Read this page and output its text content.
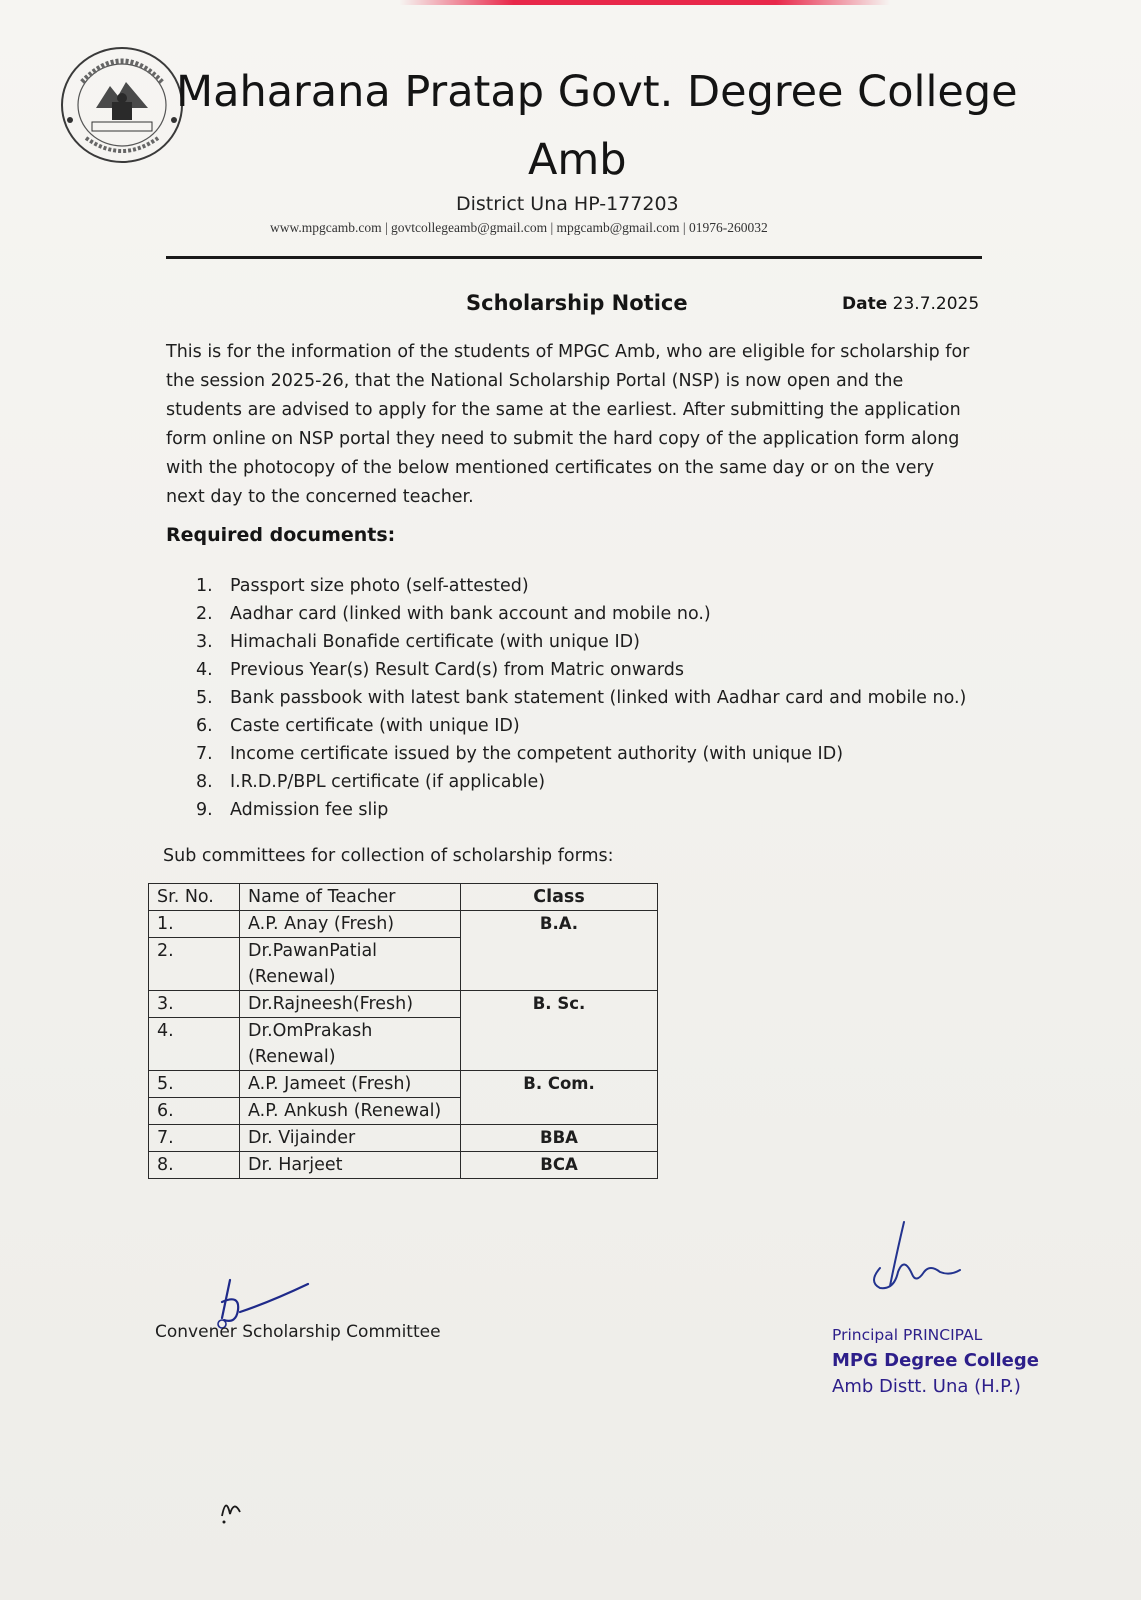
Maharana Pratap Govt. Degree College
Amb
District Una HP-177203
www.mpgcamb.com | govtcollegeamb@gmail.com | mpgcamb@gmail.com | 01976-260032
Scholarship Notice	Date 23.7.2025
This is for the information of the students of MPGC Amb, who are eligible for scholarship for
the session 2025-26, that the National Scholarship Portal (NSP) is now open and the
students are advised to apply for the same at the earliest. After submitting the application
form online on NSP portal they need to submit the hard copy of the application form along
with the photocopy of the below mentioned certificates on the same day or on the very
next day to the concerned teacher.
Required documents:
1. Passport size photo (self-attested)
2. Aadhar card (linked with bank account and mobile no.)
3. Himachali Bonafide certificate (with unique ID)
4. Previous Year(s) Result Card(s) from Matric onwards
5. Bank passbook with latest bank statement (linked with Aadhar card and mobile no.)
6. Caste certificate (with unique ID)
7. Income certificate issued by the competent authority (with unique ID)
8. I.R.D.P/BPL certificate (if applicable)
9. Admission fee slip
Sub committees for collection of scholarship forms:
Sr. No.	Name of Teacher	Class
1.	A.P. Anay (Fresh)	B.A.
2.	Dr.PawanPatial (Renewal)	
3.	Dr.Rajneesh(Fresh)	B. Sc.
4.	Dr.OmPrakash (Renewal)	
5.	A.P. Jameet (Fresh)	B. Com.
6.	A.P. Ankush (Renewal)	
7.	Dr. Vijainder	BBA
8.	Dr. Harjeet	BCA
Convener Scholarship Committee	Principal PRINCIPAL
MPG Degree College
Amb Distt. Una (H.P.)
